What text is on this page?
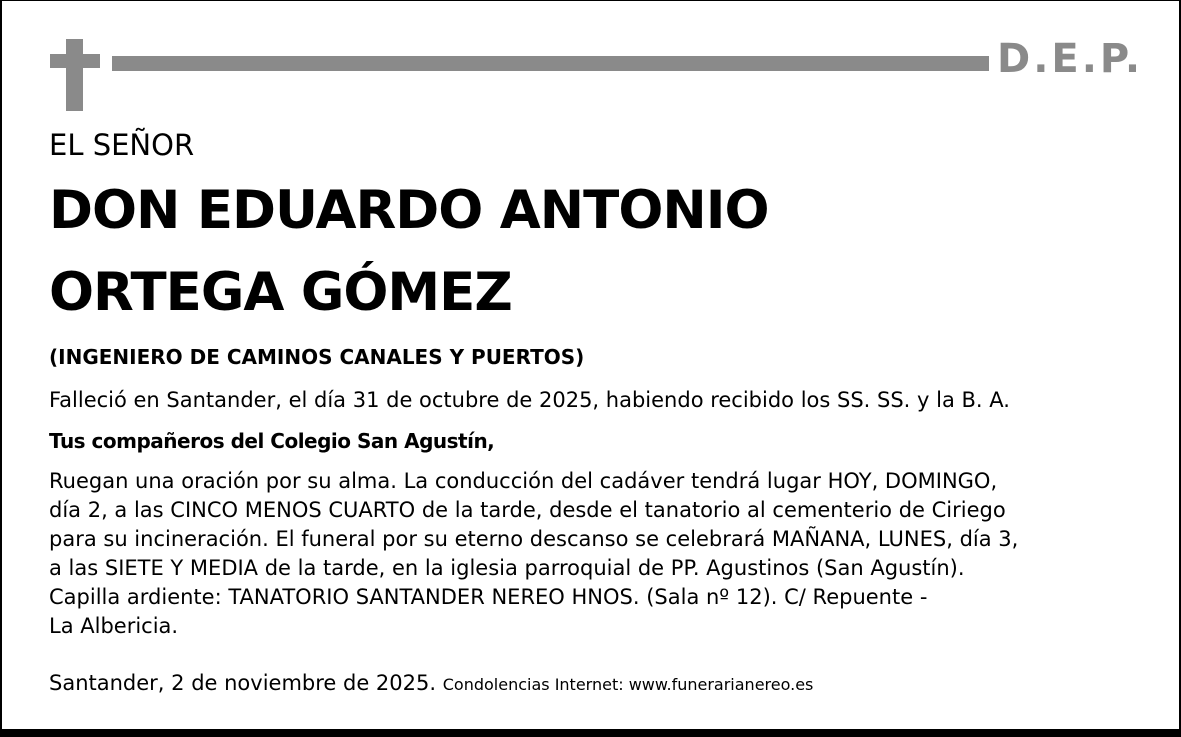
D.E.P.
EL SEÑOR
DON EDUARDO ANTONIO
ORTEGA GÓMEZ
(INGENIERO DE CAMINOS CANALES Y PUERTOS)
Falleció en Santander, el día 31 de octubre de 2025, habiendo recibido los SS. SS. y la B. A.
Tus compañeros del Colegio San Agustín,
Ruegan una oración por su alma. La conducción del cadáver tendrá lugar HOY, DOMINGO,
día 2, a las CINCO MENOS CUARTO de la tarde, desde el tanatorio al cementerio de Ciriego
para su incineración. El funeral por su eterno descanso se celebrará MAÑANA, LUNES, día 3,
a las SIETE Y MEDIA de la tarde, en la iglesia parroquial de PP. Agustinos (San Agustín).
Capilla ardiente: TANATORIO SANTANDER NEREO HNOS. (Sala nº 12). C/ Repuente -
La Albericia.
Santander, 2 de noviembre de 2025. Condolencias Internet: www.funerarianereo.es
